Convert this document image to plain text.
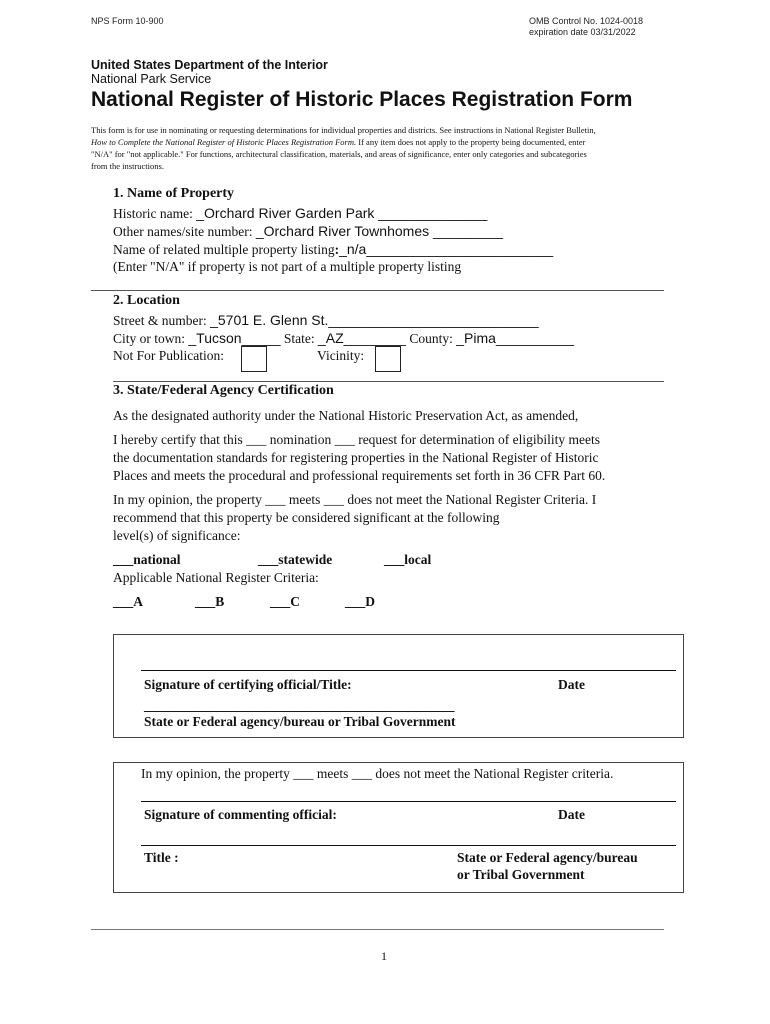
NPS Form 10-900	OMB Control No. 1024-0018
expiration date 03/31/2022
United States Department of the Interior
National Park Service
National Register of Historic Places Registration Form
This form is for use in nominating or requesting determinations for individual properties and districts. See instructions in National Register Bulletin,
How to Complete the National Register of Historic Places Registration Form. If any item does not apply to the property being documented, enter
"N/A" for "not applicable." For functions, architectural classification, materials, and areas of significance, enter only categories and subcategories
from the instructions.
1. Name of Property
Historic name: _Orchard River Garden Park ______________
Other names/site number: _Orchard River Townhomes _________
Name of related multiple property listing:_n/a________________________
(Enter "N/A" if property is not part of a multiple property listing
2. Location
Street & number: _5701 E. Glenn St.___________________________
City or town: _Tucson_____ State: _AZ________ County: _Pima__________
Not For Publication:	Vicinity:
3. State/Federal Agency Certification
As the designated authority under the National Historic Preservation Act, as amended,
I hereby certify that this ___ nomination ___ request for determination of eligibility meets
the documentation standards for registering properties in the National Register of Historic
Places and meets the procedural and professional requirements set forth in 36 CFR Part 60.
In my opinion, the property ___ meets ___ does not meet the National Register Criteria. I
recommend that this property be considered significant at the following
level(s) of significance:
___national	___statewide	___local
Applicable National Register Criteria:
___A	___B	___C	___D
Signature of certifying official/Title:	Date
______________________________________________
State or Federal agency/bureau or Tribal Government
In my opinion, the property ___ meets ___ does not meet the National Register criteria.
Signature of commenting official:	Date
Title :	State or Federal agency/bureau
or Tribal Government
1
